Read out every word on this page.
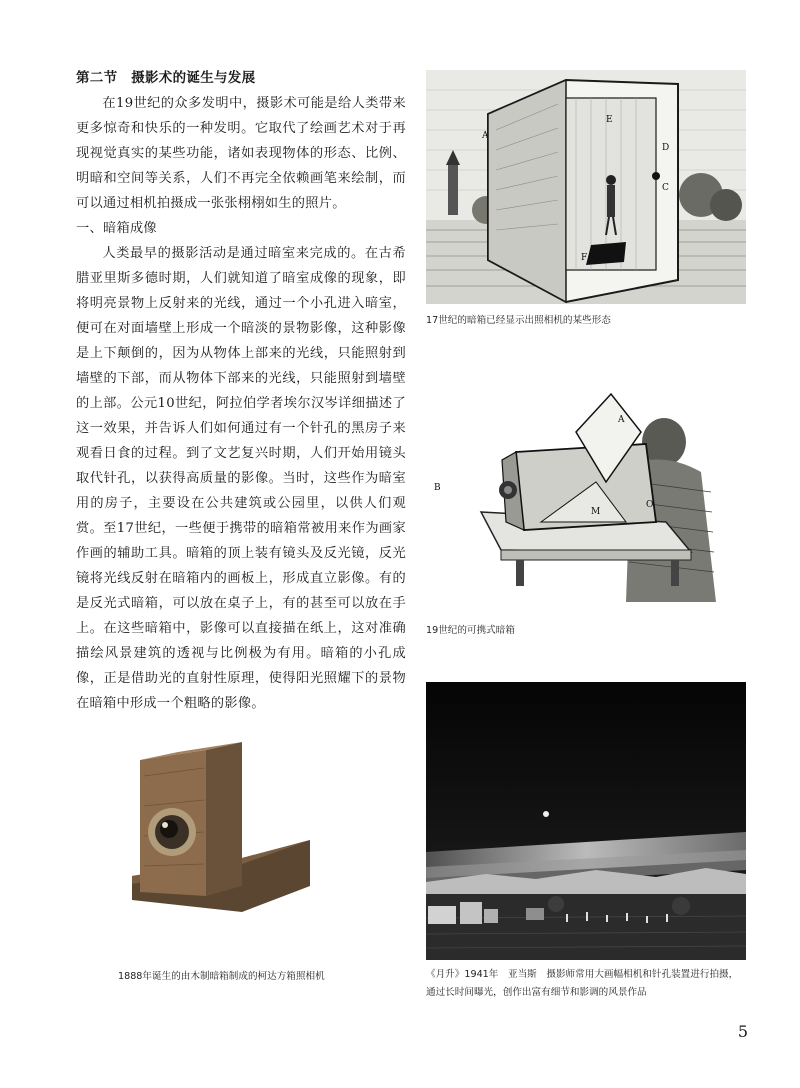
第二节　摄影术的诞生与发展

在19世纪的众多发明中，摄影术可能是给人类带来更多惊奇和快乐的一种发明。它取代了绘画艺术对于再现视觉真实的某些功能，诸如表现物体的形态、比例、明暗和空间等关系，人们不再完全依赖画笔来绘制，而可以通过相机拍摄成一张张栩栩如生的照片。

一、暗箱成像

人类最早的摄影活动是通过暗室来完成的。在古希腊亚里斯多德时期，人们就知道了暗室成像的现象，即将明亮景物上反射来的光线，通过一个小孔进入暗室，便可在对面墙壁上形成一个暗淡的景物影像，这种影像是上下颠倒的，因为从物体上部来的光线，只能照射到墙壁的下部，而从物体下部来的光线，只能照射到墙壁的上部。公元10世纪，阿拉伯学者埃尔汉岑详细描述了这一效果，并告诉人们如何通过有一个针孔的黑房子来观看日食的过程。到了文艺复兴时期，人们开始用镜头取代针孔，以获得高质量的影像。当时，这些作为暗室用的房子，主要设在公共建筑或公园里，以供人们观赏。至17世纪，一些便于携带的暗箱常被用来作为画家作画的辅助工具。暗箱的顶上装有镜头及反光镜，反光镜将光线反射在暗箱内的画板上，形成直立影像。有的是反光式暗箱，可以放在桌子上，有的甚至可以放在手上。在这些暗箱中，影像可以直接描在纸上，这对准确描绘风景建筑的透视与比例极为有用。暗箱的小孔成像，正是借助光的直射性原理，使得阳光照耀下的景物在暗箱中形成一个粗略的影像。

A
E
D
F
C
17世纪的暗箱已经显示出照相机的某些形态
A
B
M
O
19世纪的可携式暗箱
1888年诞生的由木制暗箱制成的柯达方箱照相机	《月升》1941年　亚当斯　摄影师常用大画幅相机和针孔装置进行拍摄，
通过长时间曝光，创作出富有细节和影调的风景作品
5
